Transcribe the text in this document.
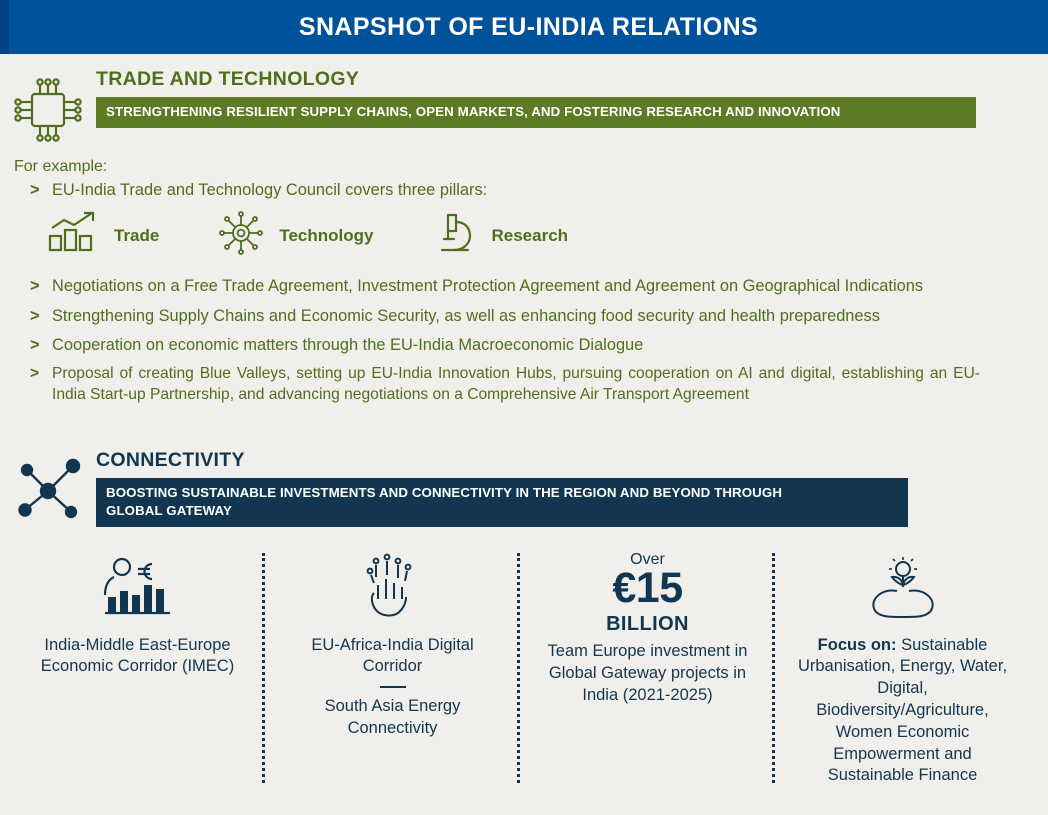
SNAPSHOT OF EU-INDIA RELATIONS
TRADE AND TECHNOLOGY
STRENGTHENING RESILIENT SUPPLY CHAINS, OPEN MARKETS, AND FOSTERING RESEARCH AND INNOVATION
For example:
> EU-India Trade and Technology Council covers three pillars:
Trade	Technology	Research
> Negotiations on a Free Trade Agreement, Investment Protection Agreement and Agreement on Geographical Indications
> Strengthening Supply Chains and Economic Security, as well as enhancing food security and health preparedness
> Cooperation on economic matters through the EU-India Macroeconomic Dialogue
> Proposal of creating Blue Valleys, setting up EU-India Innovation Hubs, pursuing cooperation on AI and digital, establishing an EU-India Start-up Partnership, and advancing negotiations on a Comprehensive Air Transport Agreement
CONNECTIVITY
BOOSTING SUSTAINABLE INVESTMENTS AND CONNECTIVITY IN THE REGION AND BEYOND THROUGH
GLOBAL GATEWAY
India-Middle East-Europe Economic Corridor (IMEC)
EU-Africa-India Digital Corridor
South Asia Energy Connectivity
Over
€15
BILLION
Team Europe investment in Global Gateway projects in India (2021-2025)
Focus on: Sustainable Urbanisation, Energy, Water, Digital, Biodiversity/Agriculture, Women Economic Empowerment and Sustainable Finance
